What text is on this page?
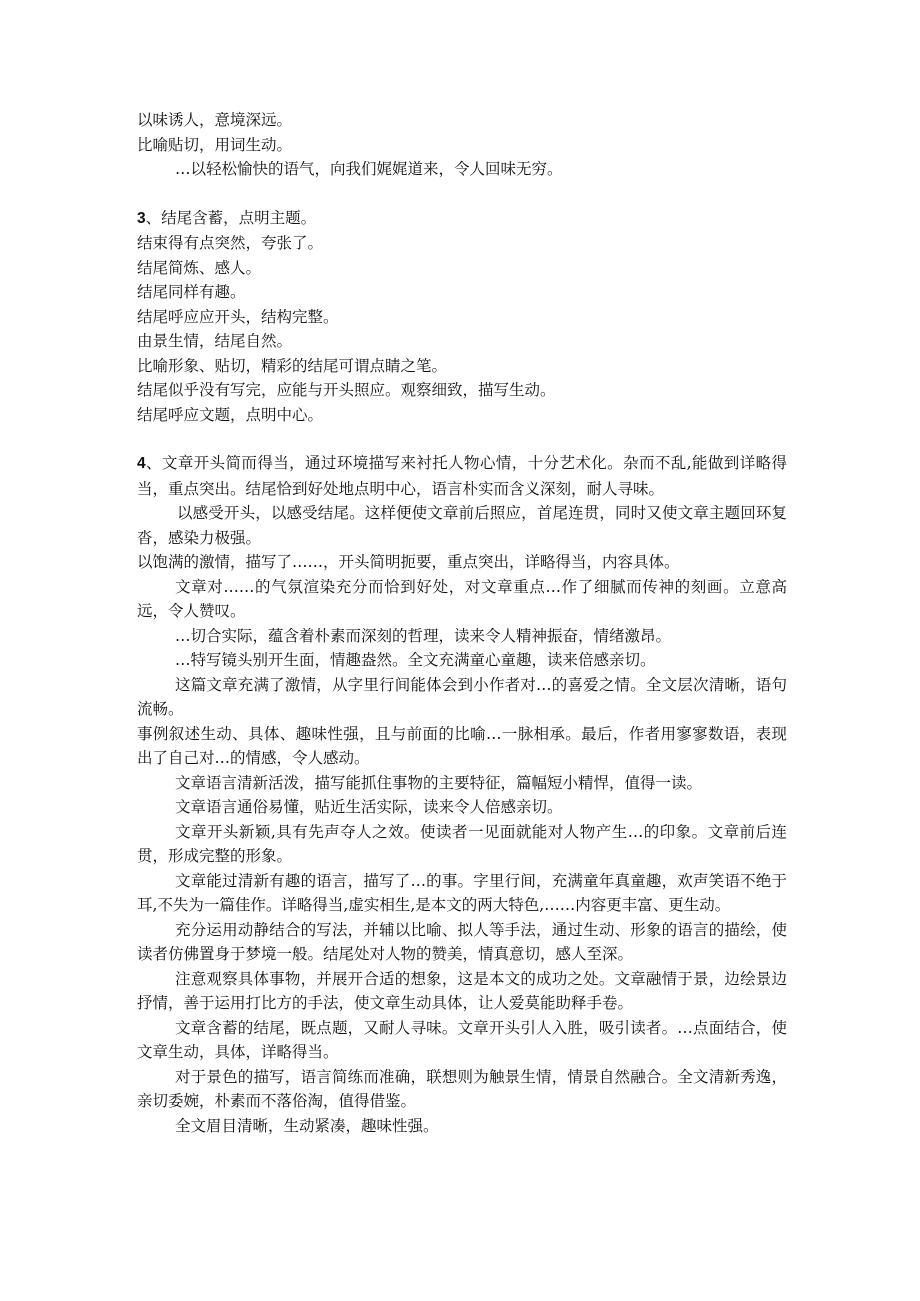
以味诱人，意境深远。

比喻贴切，用词生动。

…以轻松愉快的语气，向我们娓娓道来，令人回味无穷。

3、结尾含蓄，点明主题。

结束得有点突然，夸张了。

结尾简炼、感人。

结尾同样有趣。

结尾呼应应开头，结构完整。

由景生情，结尾自然。

比喻形象、贴切，精彩的结尾可谓点睛之笔。

结尾似乎没有写完，应能与开头照应。观察细致，描写生动。

结尾呼应文题，点明中心。

4、文章开头简而得当，通过环境描写来衬托人物心情，十分艺术化。杂而不乱,能做到详略得当，重点突出。结尾恰到好处地点明中心，语言朴实而含义深刻，耐人寻味。

以感受开头，以感受结尾。这样便使文章前后照应，首尾连贯，同时又使文章主题回环复沓，感染力极强。

以饱满的激情，描写了……，开头简明扼要，重点突出，详略得当，内容具体。

文章对……的气氛渲染充分而恰到好处，对文章重点…作了细腻而传神的刻画。立意高远，令人赞叹。

…切合实际，蕴含着朴素而深刻的哲理，读来令人精神振奋，情绪激昂。

…特写镜头别开生面，情趣盎然。全文充满童心童趣，读来倍感亲切。

这篇文章充满了激情，从字里行间能体会到小作者对…的喜爱之情。全文层次清晰，语句流畅。

事例叙述生动、具体、趣味性强，且与前面的比喻…一脉相承。最后，作者用寥寥数语，表现出了自己对…的情感，令人感动。

文章语言清新活泼，描写能抓住事物的主要特征，篇幅短小精悍，值得一读。

文章语言通俗易懂，贴近生活实际，读来令人倍感亲切。

文章开头新颖,具有先声夺人之效。使读者一见面就能对人物产生…的印象。文章前后连贯，形成完整的形象。

文章能过清新有趣的语言，描写了…的事。字里行间，充满童年真童趣，欢声笑语不绝于耳,不失为一篇佳作。详略得当,虚实相生,是本文的两大特色,……内容更丰富、更生动。

充分运用动静结合的写法，并辅以比喻、拟人等手法，通过生动、形象的语言的描绘，使读者仿佛置身于梦境一般。结尾处对人物的赞美，情真意切，感人至深。

注意观察具体事物，并展开合适的想象，这是本文的成功之处。文章融情于景，边绘景边抒情，善于运用打比方的手法，使文章生动具体，让人爱莫能助释手卷。

文章含蓄的结尾，既点题，又耐人寻味。文章开头引人入胜，吸引读者。…点面结合，使文章生动，具体，详略得当。

对于景色的描写，语言简练而准确，联想则为触景生情，情景自然融合。全文清新秀逸，亲切委婉，朴素而不落俗淘，值得借鉴。

全文眉目清晰，生动紧凑，趣味性强。
